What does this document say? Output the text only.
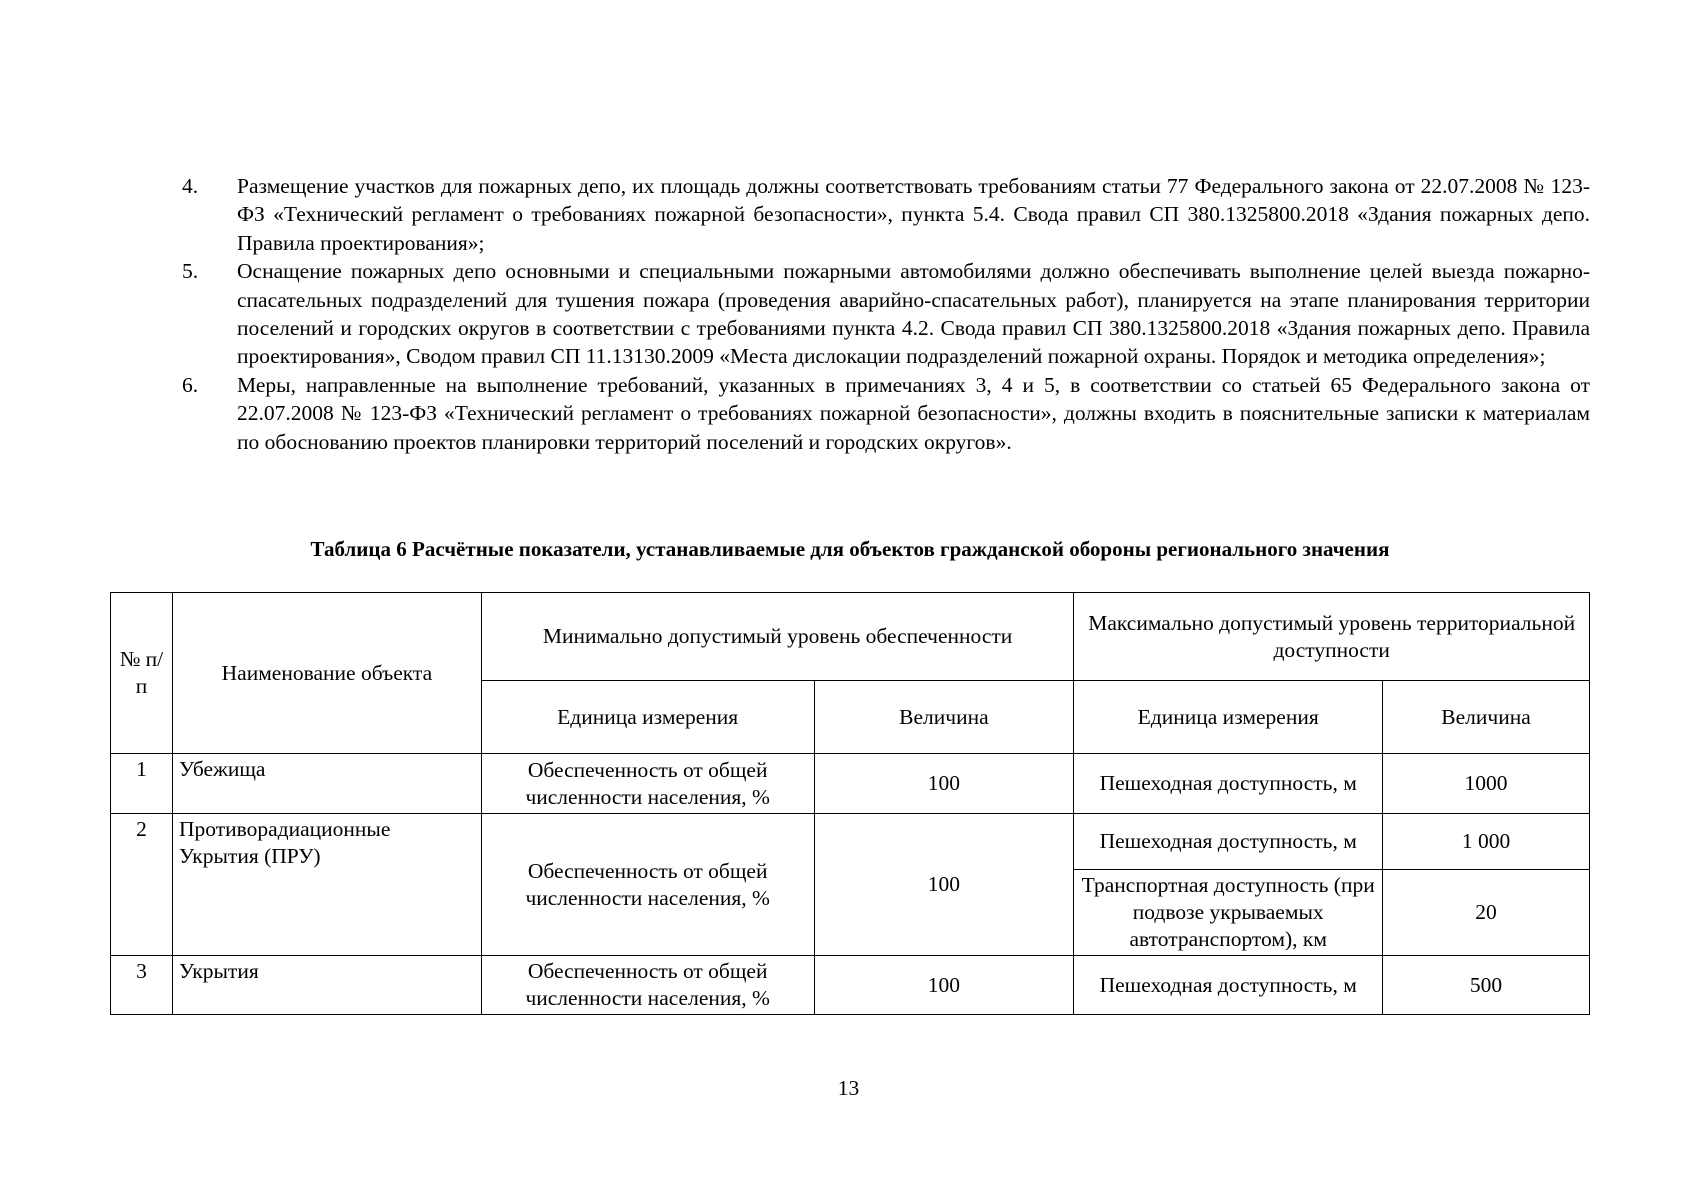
4.	Размещение участков для пожарных депо, их площадь должны соответствовать требованиям статьи 77 Федерального закона от 22.07.2008 № 123-ФЗ «Технический регламент о требованиях пожарной безопасности», пункта 5.4. Свода правил СП 380.1325800.2018 «Здания пожарных депо. Правила проектирования»;
5.	Оснащение пожарных депо основными и специальными пожарными автомобилями должно обеспечивать выполнение целей выезда пожарно-спасательных подразделений для тушения пожара (проведения аварийно-спасательных работ), планируется на этапе планирования территории поселений и городских округов в соответствии с требованиями пункта 4.2. Свода правил СП 380.1325800.2018 «Здания пожарных депо. Правила проектирования», Сводом правил СП 11.13130.2009 «Места дислокации подразделений пожарной охраны. Порядок и методика определения»;
6.	Меры, направленные на выполнение требований, указанных в примечаниях 3, 4 и 5, в соответствии со статьей 65 Федерального закона от 22.07.2008 № 123-ФЗ «Технический регламент о требованиях пожарной безопасности», должны входить в пояснительные записки к материалам по обоснованию проектов планировки территорий поселений и городских округов».
Таблица 6 Расчётные показатели, устанавливаемые для объектов гражданской обороны регионального значения
№ п/п	Наименование объекта	Минимально допустимый уровень обеспеченности		Максимально допустимый уровень территориальной доступности	
		Единица измерения	Величина	Единица измерения	Величина
1	Убежища	Обеспеченность от общей численности населения, %	100	Пешеходная доступность, м	1000
2	Противорадиационные Укрытия (ПРУ)	Обеспеченность от общей численности населения, %	100	Пешеходная доступность, м	1 000
				Транспортная доступность (при подвозе укрываемых автотранспортом), км	20
3	Укрытия	Обеспеченность от общей численности населения, %	100	Пешеходная доступность, м	500
13
